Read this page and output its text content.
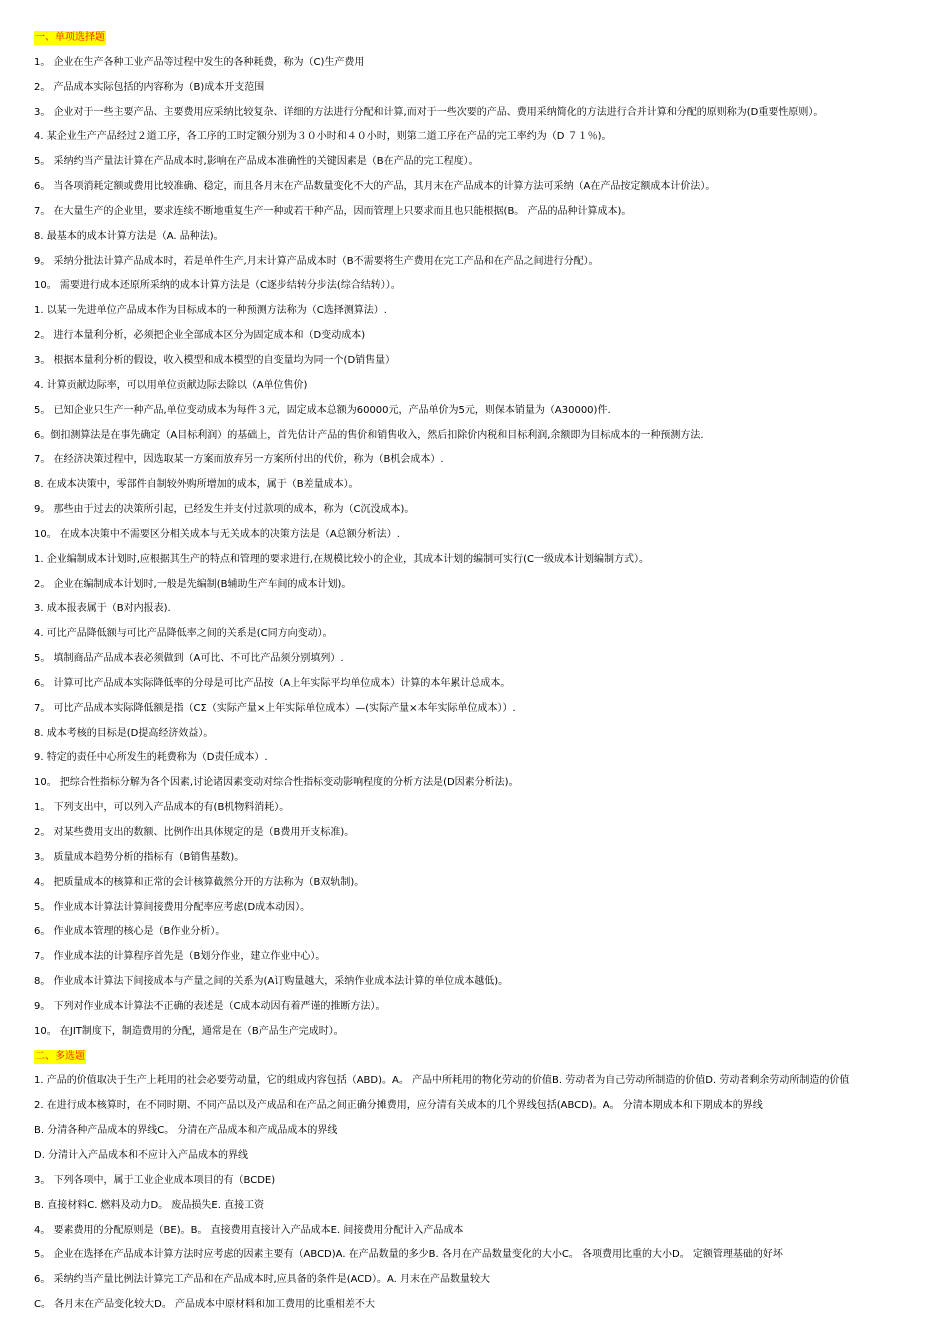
一、单项选择题
1。 企业在生产各种工业产品等过程中发生的各种耗费，称为（C)生产费用
2。 产品成本实际包括的内容称为（B)成本开支范围
3。 企业对于一些主要产品、主要费用应采纳比较复杂、详细的方法进行分配和计算,而对于一些次要的产品、费用采纳简化的方法进行合并计算和分配的原则称为(D重要性原则）。
4. 某企业生产产品经过２道工序，各工序的工时定额分别为３０小时和４０小时，则第二道工序在产品的完工率约为（D ７１％)。
5。 采纳约当产量法计算在产品成本时,影响在产品成本准确性的关键因素是（B在产品的完工程度）。
6。 当各项消耗定额或费用比较准确、稳定，而且各月末在产品数量变化不大的产品，其月末在产品成本的计算方法可采纳（A在产品按定额成本计价法）。
7。 在大量生产的企业里，要求连续不断地重复生产一种或若干种产品，因而管理上只要求而且也只能根据(B。 产品的品种计算成本)。
8. 最基本的成本计算方法是（A. 品种法)。
9。 采纳分批法计算产品成本时，若是单件生产,月末计算产品成本时（B不需要将生产费用在完工产品和在产品之间进行分配）。
10。 需要进行成本还原所采纳的成本计算方法是（C逐步结转分步法(综合结转））。
1. 以某一先进单位产品成本作为目标成本的一种预测方法称为（C选择测算法）.
2。 进行本量利分析，必须把企业全部成本区分为固定成本和（D变动成本)
3。 根据本量利分析的假设，收入模型和成本模型的自变量均为同一个(D销售量）
4. 计算贡献边际率，可以用单位贡献边际去除以（A单位售价)
5。 已知企业只生产一种产品,单位变动成本为每件３元，固定成本总额为60000元，产品单价为5元，则保本销量为（A30000)件.
6。倒扣测算法是在事先确定（A目标利润）的基础上，首先估计产品的售价和销售收入，然后扣除价内税和目标利润,余额即为目标成本的一种预测方法.
7。 在经济决策过程中，因选取某一方案而放弃另一方案所付出的代价，称为（B机会成本）.
8. 在成本决策中，零部件自制较外购所增加的成本，属于（B差量成本）。
9。 那些由于过去的决策所引起，已经发生并支付过款项的成本，称为（C沉没成本)。
10。 在成本决策中不需要区分相关成本与无关成本的决策方法是（A总额分析法）.
1. 企业编制成本计划时,应根据其生产的特点和管理的要求进行,在规模比较小的企业，其成本计划的编制可实行(C一级成本计划编制方式）。
2。 企业在编制成本计划时,一般是先编制(B辅助生产车间的成本计划)。
3. 成本报表属于（B对内报表).
4. 可比产品降低额与可比产品降低率之间的关系是(C同方向变动）。
5。 填制商品产品成本表必须做到（A可比、不可比产品须分别填列）.
6。 计算可比产品成本实际降低率的分母是可比产品按（A上年实际平均单位成本）计算的本年累计总成本。
7。 可比产品成本实际降低额是指（CΣ（实际产量×上年实际单位成本）—(实际产量×本年实际单位成本））.
8. 成本考核的目标是(D提高经济效益）。
9. 特定的责任中心所发生的耗费称为（D责任成本）.
10。 把综合性指标分解为各个因素,讨论诸因素变动对综合性指标变动影响程度的分析方法是(D因素分析法)。
1。 下列支出中，可以列入产品成本的有(B机物料消耗）。
2。 对某些费用支出的数额、比例作出具体规定的是（B费用开支标准)。
3。 质量成本趋势分析的指标有（B销售基数)。
4。 把质量成本的核算和正常的会计核算截然分开的方法称为（B双轨制)。
5。 作业成本计算法计算间接费用分配率应考虑(D成本动因）。
6。 作业成本管理的核心是（B作业分析）。
7。 作业成本法的计算程序首先是（B划分作业，建立作业中心）。
8。 作业成本计算法下间接成本与产量之间的关系为(A订购量越大，采纳作业成本法计算的单位成本越低)。
9。 下列对作业成本计算法不正确的表述是（C成本动因有着严谨的推断方法）。
10。 在JIT制度下，制造费用的分配，通常是在（B产品生产完成时）。
二、多选题
1. 产品的价值取决于生产上耗用的社会必要劳动量，它的组成内容包括（ABD)。A。 产品中所耗用的物化劳动的价值B. 劳动者为自己劳动所制造的价值D. 劳动者剩余劳动所制造的价值
2. 在进行成本核算时，在不同时期、不同产品以及产成品和在产品之间正确分摊费用，应分清有关成本的几个界线包括(ABCD)。A。 分清本期成本和下期成本的界线
B. 分清各种产品成本的界线C。 分清在产品成本和产成品成本的界线
D. 分清计入产品成本和不应计入产品成本的界线
3。 下列各项中，属于工业企业成本项目的有（BCDE)
B. 直接材料C. 燃料及动力D。 废品损失E. 直接工资
4。 要素费用的分配原则是（BE)。B。 直接费用直接计入产品成本E. 间接费用分配计入产品成本
5。 企业在选择在产品成本计算方法时应考虑的因素主要有（ABCD)A. 在产品数量的多少B. 各月在产品数量变化的大小C。 各项费用比重的大小D。 定额管理基础的好坏
6。 采纳约当产量比例法计算完工产品和在产品成本时,应具备的条件是(ACD）。A. 月末在产品数量较大
C。 各月末在产品变化较大D。 产品成本中原材料和加工费用的比重相差不大
